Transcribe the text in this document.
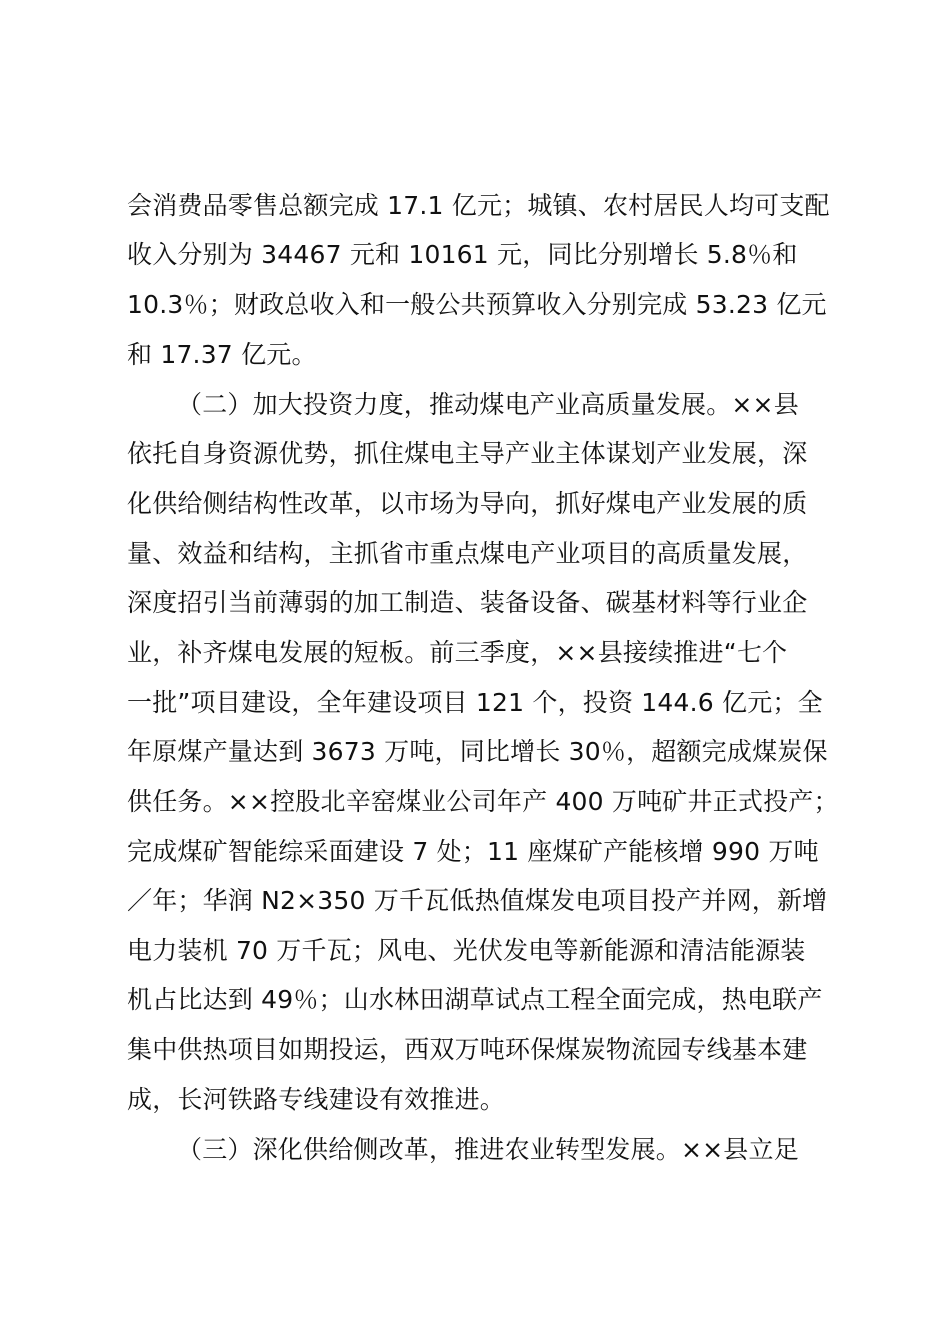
会消费品零售总额完成 17.1 亿元；城镇、农村居民人均可支配
收入分别为 34467 元和 10161 元，同比分别增长 5.8％和
10.3％；财政总收入和一般公共预算收入分别完成 53.23 亿元
和 17.37 亿元。
（二）加大投资力度，推动煤电产业高质量发展。××县
依托自身资源优势，抓住煤电主导产业主体谋划产业发展，深
化供给侧结构性改革，以市场为导向，抓好煤电产业发展的质
量、效益和结构，主抓省市重点煤电产业项目的高质量发展，
深度招引当前薄弱的加工制造、装备设备、碳基材料等行业企
业，补齐煤电发展的短板。前三季度，××县接续推进“七个
一批”项目建设，全年建设项目 121 个，投资 144.6 亿元；全
年原煤产量达到 3673 万吨，同比增长 30％，超额完成煤炭保
供任务。××控股北辛窑煤业公司年产 400 万吨矿井正式投产；
完成煤矿智能综采面建设 7 处；11 座煤矿产能核增 990 万吨
／年；华润 N2×350 万千瓦低热值煤发电项目投产并网，新增
电力装机 70 万千瓦；风电、光伏发电等新能源和清洁能源装
机占比达到 49％；山水林田湖草试点工程全面完成，热电联产
集中供热项目如期投运，西双万吨环保煤炭物流园专线基本建
成，长河铁路专线建设有效推进。
（三）深化供给侧改革，推进农业转型发展。××县立足
